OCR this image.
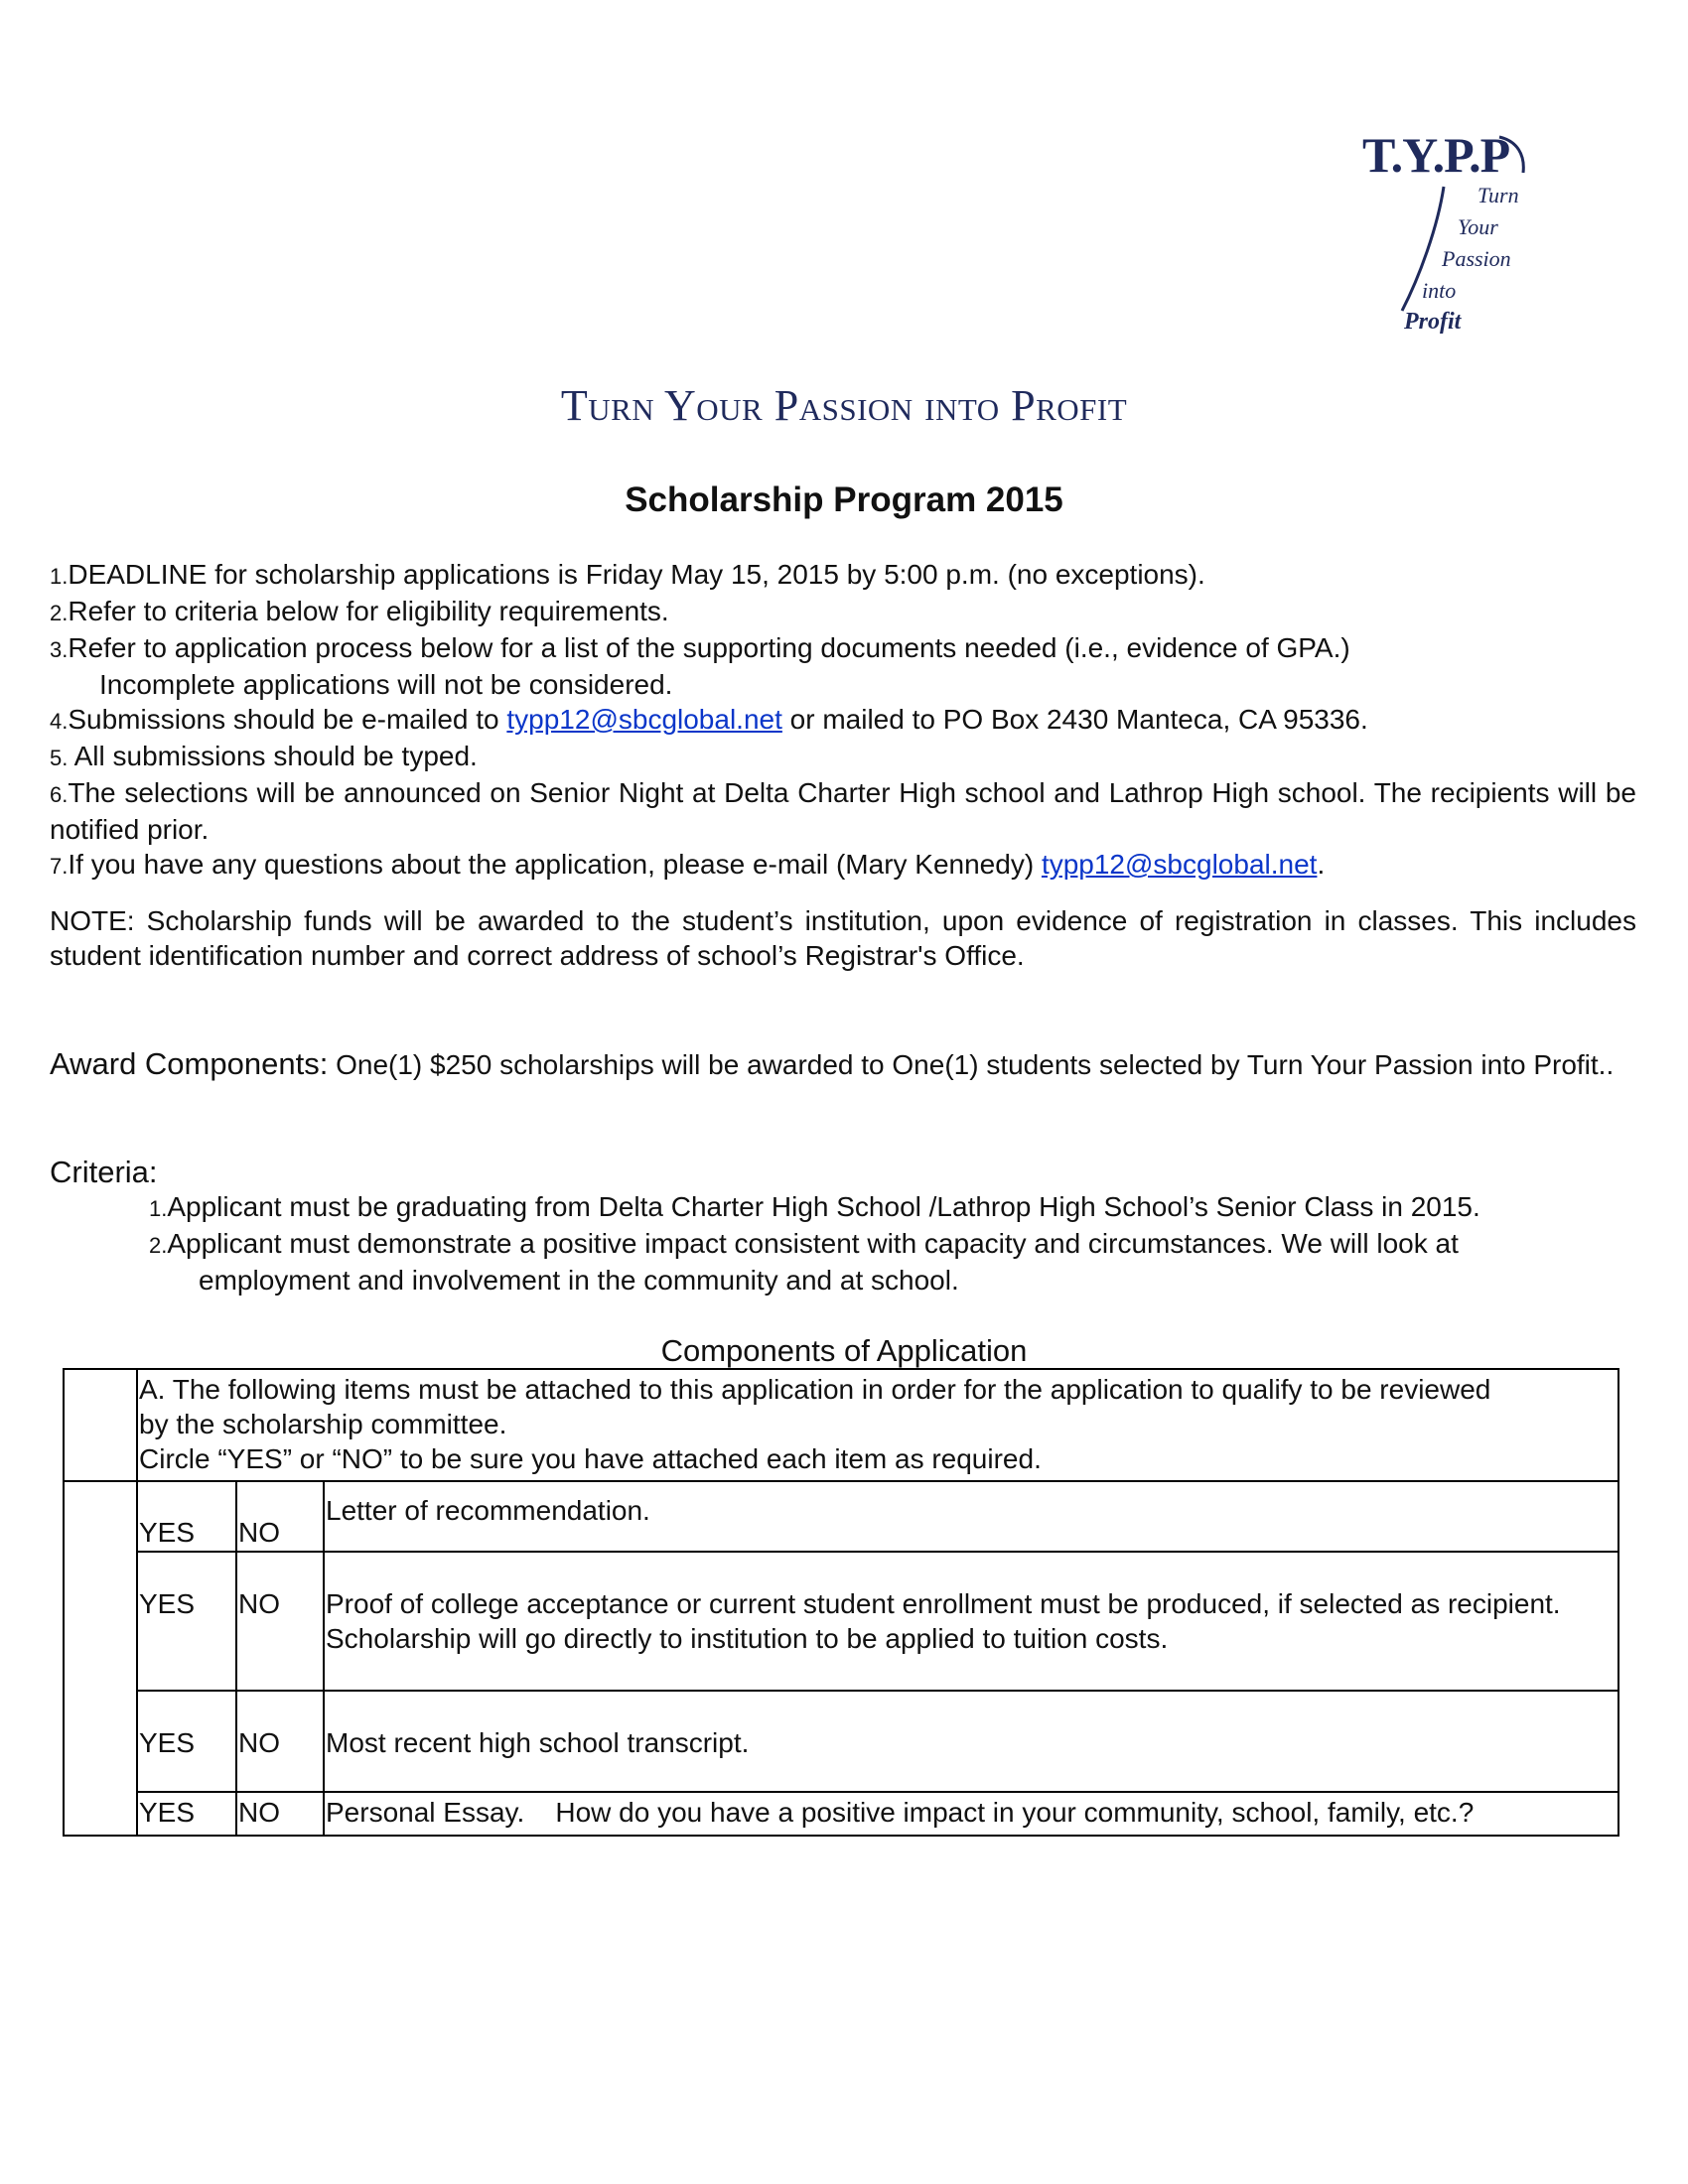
T.Y.P.P
Turn
Your
Passion
into
Profit
Turn Your Passion into Profit
Scholarship Program 2015
1.DEADLINE for scholarship applications is Friday May 15, 2015 by 5:00 p.m. (no exceptions).
2.Refer to criteria below for eligibility requirements.
3.Refer to application process below for a list of the supporting documents needed (i.e., evidence of GPA.)
Incomplete applications will not be considered.
4.Submissions should be e-mailed to typp12@sbcglobal.net or mailed to PO Box 2430 Manteca, CA 95336.
5. All submissions should be typed.
6.The selections will be announced on Senior Night at Delta Charter High school and Lathrop High school. The recipients will be notified prior.
7.If you have any questions about the application, please e-mail (Mary Kennedy) typp12@sbcglobal.net.
NOTE: Scholarship funds will be awarded to the student’s institution, upon evidence of registration in classes. This includes student identification number and correct address of school’s Registrar's Office.
Award Components: One(1) $250 scholarships will be awarded to One(1) students selected by Turn Your Passion into Profit..
Criteria:
1.Applicant must be graduating from Delta Charter High School /Lathrop High School’s Senior Class in 2015.
2.Applicant must demonstrate a positive impact consistent with capacity and circumstances. We will look at
employment and involvement in the community and at school.
Components of Application
A. The following items must be attached to this application in order for the application to qualify to be reviewed
by the scholarship committee.
Circle “YES” or “NO” to be sure you have attached each item as required.
YES NO
Letter of recommendation.
YES NO Proof of college acceptance or current student enrollment must be produced, if selected as recipient. Scholarship will go directly to institution to be applied to tuition costs.
YES NO Most recent high school transcript.
YES NO Personal Essay.    How do you have a positive impact in your community, school, family, etc.?
